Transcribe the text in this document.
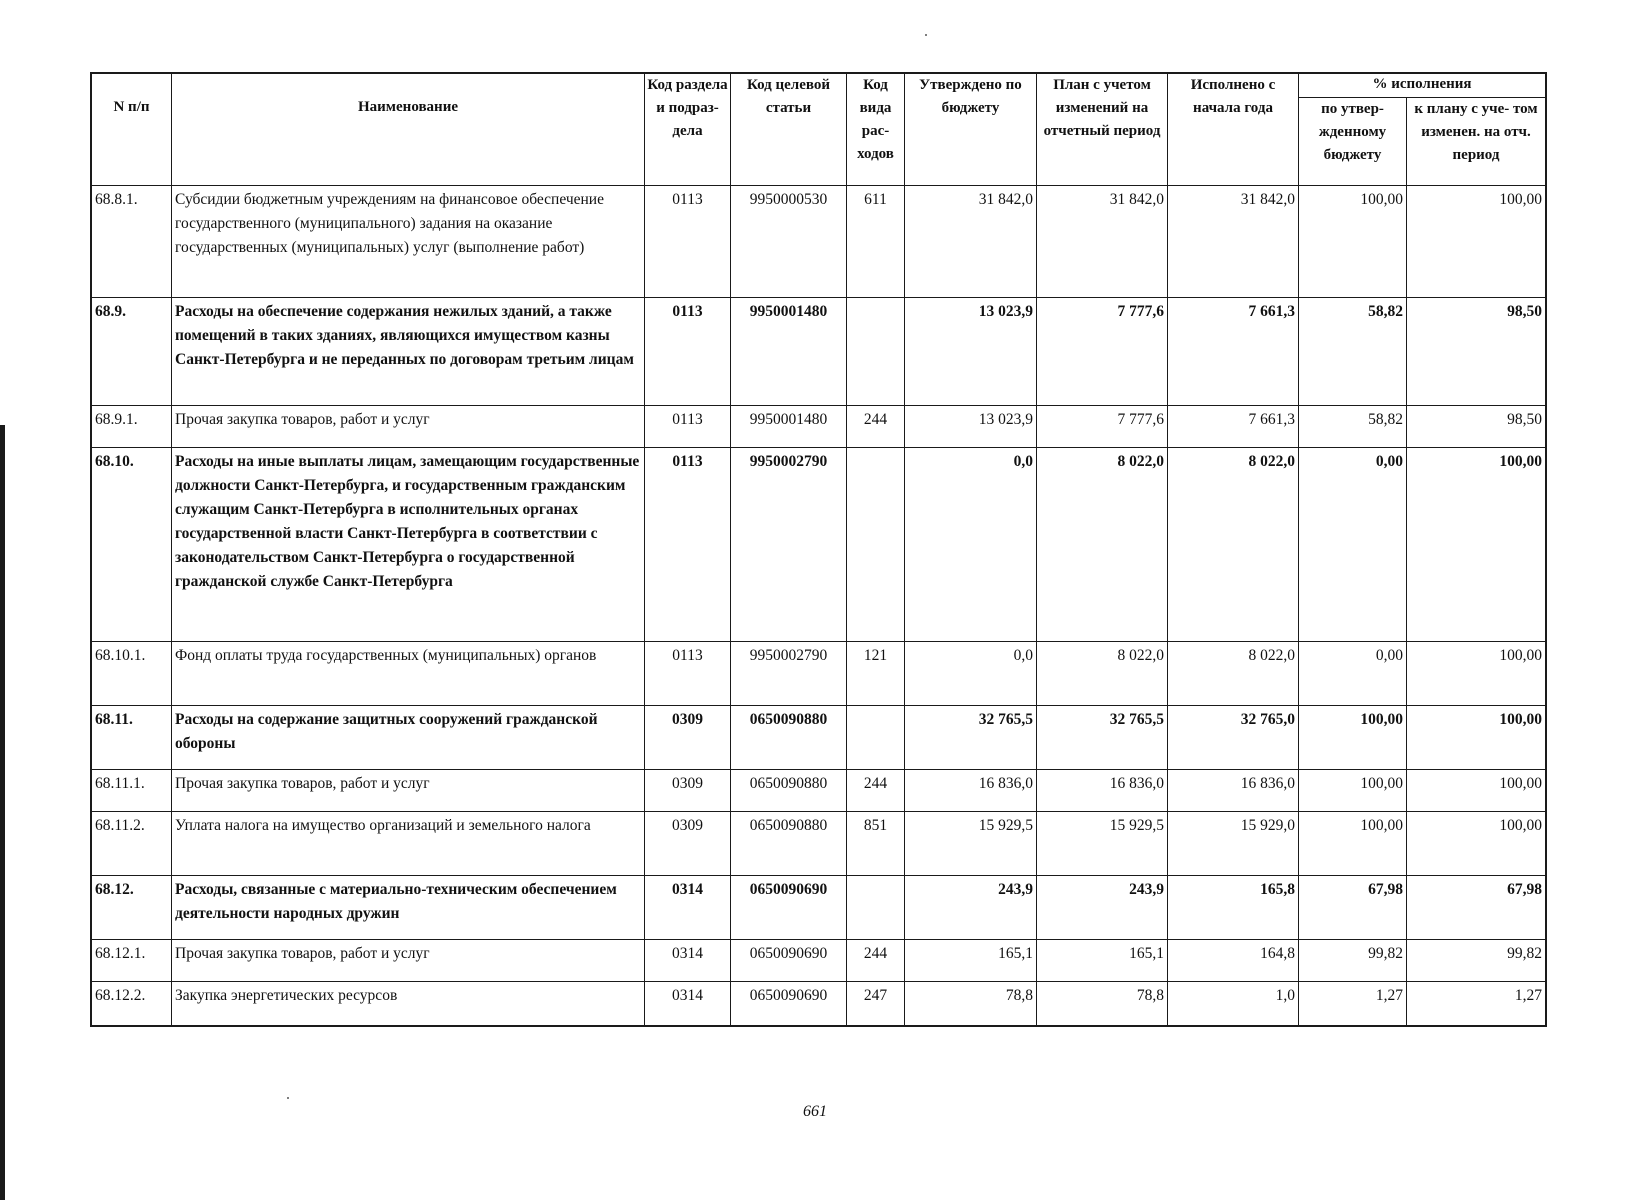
N п/п	Наименование	Код раздела и подраз- дела	Код целевой статьи	Код вида рас- ходов	Утверждено по бюджету	План с учетом изменений на отчетный период	Исполнено с начала года	% исполнения	
								по утвер- жденному бюджету	к плану с уче- том изменен. на отч. период
68.8.1.	Субсидии бюджетным учреждениям на финансовое обеспечение государственного (муниципального) задания на оказание государственных (муниципальных) услуг (выполнение работ)	0113	9950000530	611	31 842,0	31 842,0	31 842,0	100,00	100,00
68.9.	Расходы на обеспечение содержания нежилых зданий, а также помещений в таких зданиях, являющихся имуществом казны Санкт-Петербурга и не переданных по договорам третьим лицам	0113	9950001480		13 023,9	7 777,6	7 661,3	58,82	98,50
68.9.1.	Прочая закупка товаров, работ и услуг	0113	9950001480	244	13 023,9	7 777,6	7 661,3	58,82	98,50
68.10.	Расходы на иные выплаты лицам, замещающим государственные должности Санкт-Петербурга, и государственным гражданским служащим Санкт-Петербурга в исполнительных органах государственной власти Санкт-Петербурга в соответствии с законодательством Санкт-Петербурга о государственной гражданской службе Санкт-Петербурга	0113	9950002790		0,0	8 022,0	8 022,0	0,00	100,00
68.10.1.	Фонд оплаты труда государственных (муниципальных) органов	0113	9950002790	121	0,0	8 022,0	8 022,0	0,00	100,00
68.11.	Расходы на содержание защитных сооружений гражданской обороны	0309	0650090880		32 765,5	32 765,5	32 765,0	100,00	100,00
68.11.1.	Прочая закупка товаров, работ и услуг	0309	0650090880	244	16 836,0	16 836,0	16 836,0	100,00	100,00
68.11.2.	Уплата налога на имущество организаций и земельного налога	0309	0650090880	851	15 929,5	15 929,5	15 929,0	100,00	100,00
68.12.	Расходы, связанные с материально-техническим обеспечением деятельности народных дружин	0314	0650090690		243,9	243,9	165,8	67,98	67,98
68.12.1.	Прочая закупка товаров, работ и услуг	0314	0650090690	244	165,1	165,1	164,8	99,82	99,82
68.12.2.	Закупка энергетических ресурсов	0314	0650090690	247	78,8	78,8	1,0	1,27	1,27
661
